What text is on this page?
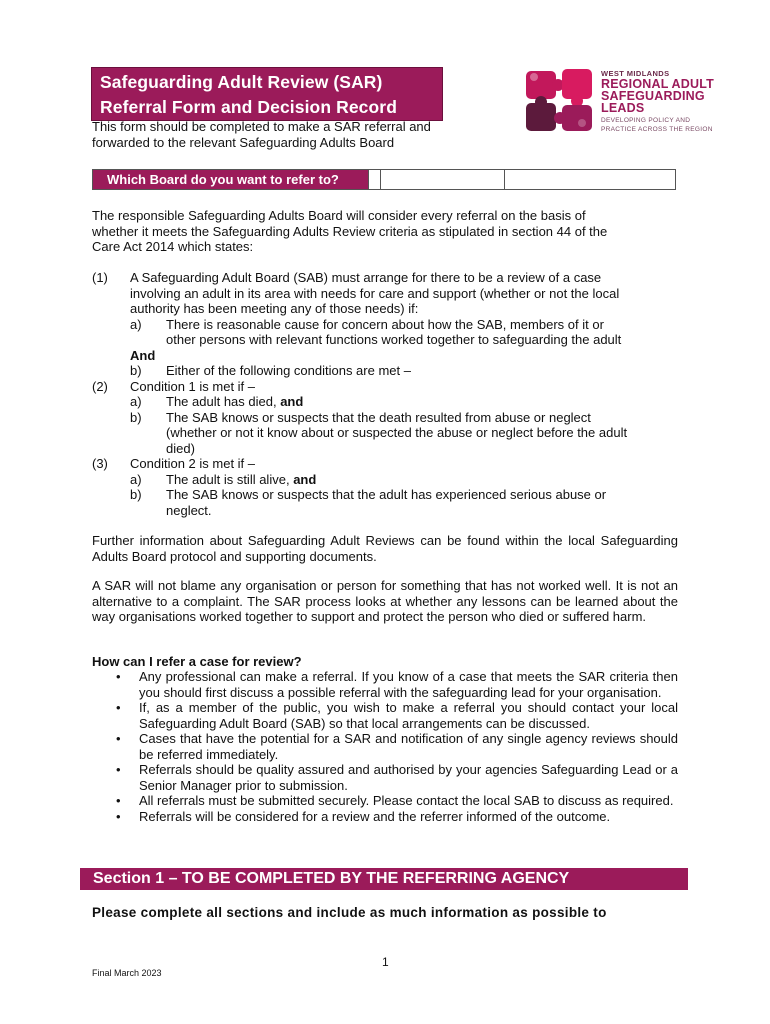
Safeguarding Adult Review (SAR)
Referral Form and Decision Record
This form should be completed to make a SAR referral and
forwarded to the relevant Safeguarding Adults Board
WEST MIDLANDS
REGIONAL ADULT
SAFEGUARDING
LEADS
DEVELOPING POLICY AND
PRACTICE ACROSS THE REGION
Which Board do you want to refer to?
The responsible Safeguarding Adults Board will consider every referral on the basis of
whether it meets the Safeguarding Adults Review criteria as stipulated in section 44 of the
Care Act 2014 which states:
(1) A Safeguarding Adult Board (SAB) must arrange for there to be a review of a case
involving an adult in its area with needs for care and support (whether or not the local
authority has been meeting any of those needs) if:
a) There is reasonable cause for concern about how the SAB, members of it or
other persons with relevant functions worked together to safeguarding the adult
And
b) Either of the following conditions are met –
(2) Condition 1 is met if –
a) The adult has died, and
b) The SAB knows or suspects that the death resulted from abuse or neglect
(whether or not it know about or suspected the abuse or neglect before the adult
died)
(3) Condition 2 is met if –
a) The adult is still alive, and
b) The SAB knows or suspects that the adult has experienced serious abuse or
neglect.
Further information about Safeguarding Adult Reviews can be found within the local Safeguarding Adults Board protocol and supporting documents.
A SAR will not blame any organisation or person for something that has not worked well. It is not an alternative to a complaint. The SAR process looks at whether any lessons can be learned about the way organisations worked together to support and protect the person who died or suffered harm.
How can I refer a case for review?
•	Any professional can make a referral. If you know of a case that meets the SAR criteria then you should first discuss a possible referral with the safeguarding lead for your organisation.
•	If, as a member of the public, you wish to make a referral you should contact your local Safeguarding Adult Board (SAB) so that local arrangements can be discussed.
•	Cases that have the potential for a SAR and notification of any single agency reviews should be referred immediately.
•	Referrals should be quality assured and authorised by your agencies Safeguarding Lead or a Senior Manager prior to submission.
•	All referrals must be submitted securely. Please contact the local SAB to discuss as required.
•	Referrals will be considered for a review and the referrer informed of the outcome.
Section 1 – TO BE COMPLETED BY THE REFERRING AGENCY
Please complete all sections and include as much information as possible to
1
Final March 2023
